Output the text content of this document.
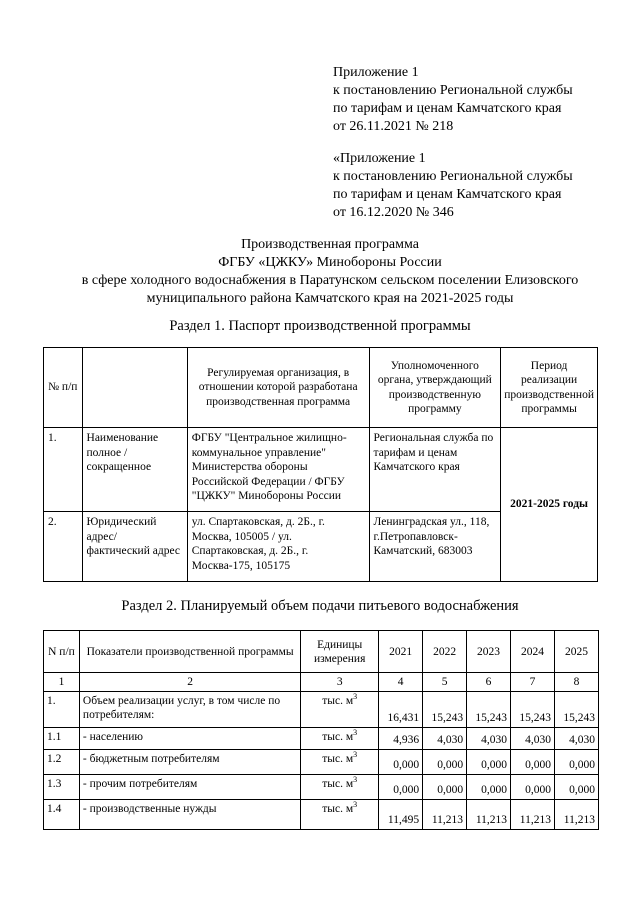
Приложение 1
к постановлению Региональной службы
по тарифам и ценам Камчатского края
от 26.11.2021 № 218
«Приложение 1
к постановлению Региональной службы
по тарифам и ценам Камчатского края
от 16.12.2020 № 346
Производственная программа
ФГБУ «ЦЖКУ» Минобороны России
в сфере холодного водоснабжения в Паратунском сельском поселении Елизовского
муниципального района Камчатского края на 2021-2025 годы
Раздел 1. Паспорт производственной программы
№ п/п		Регулируемая организация, в отношении которой разработана производственная программа	Уполномоченного органа, утверждающий производственную программу	Период реализации производственной программы
1.	Наименование полное / сокращенное	ФГБУ "Центральное жилищно-коммунальное управление" Министерства обороны Российской Федерации / ФГБУ "ЦЖКУ" Минобороны России	Региональная служба по тарифам и ценам Камчатского края	2021-2025 годы
2.	Юридический адрес/ фактический адрес	ул. Спартаковская, д. 2Б., г. Москва, 105005 / ул. Спартаковская, д. 2Б., г. Москва-175, 105175	Ленинградская ул., 118, г.Петропавловск-Камчатский, 683003	
Раздел 2. Планируемый объем подачи питьевого водоснабжения
N п/п	Показатели производственной программы	Единицы измерения	2021	2022	2023	2024	2025
1	2	3	4	5	6	7	8
1.	Объем реализации услуг, в том числе по потребителям:	тыс. $м^3$	16,431	15,243	15,243	15,243	15,243
1.1	- населению	тыс. $м^3$	4,936	4,030	4,030	4,030	4,030
1.2	- бюджетным потребителям	тыс. $м^3$	0,000	0,000	0,000	0,000	0,000
1.3	- прочим потребителям	тыс. $м^3$	0,000	0,000	0,000	0,000	0,000
1.4	- производственные нужды	тыс. $м^3$	11,495	11,213	11,213	11,213	11,213
